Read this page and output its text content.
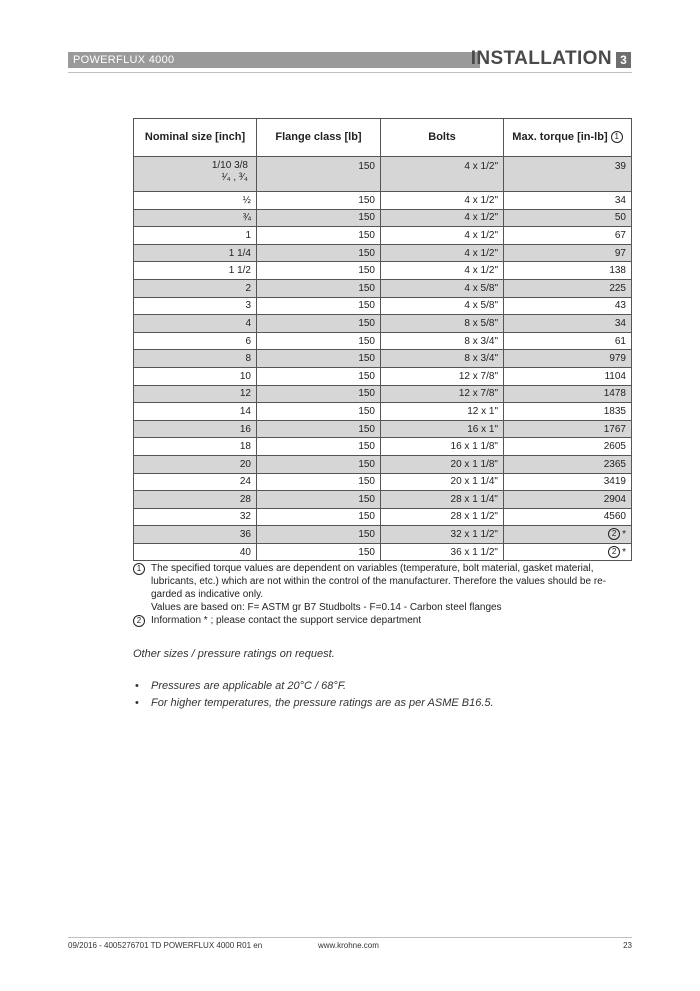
POWERFLUX 4000	INSTALLATION 3
Nominal size [inch]	Flange class [lb]	Bolts	Max. torque [in-lb] 1

1/10 3/8
¹⁄₄ , ³⁄₄	150	4 x 1/2"	39
½	150	4 x 1/2"	34
¾	150	4 x 1/2"	50
1	150	4 x 1/2"	67
1 1/4	150	4 x 1/2"	97
1 1/2	150	4 x 1/2"	138
2	150	4 x 5/8"	225
3	150	4 x 5/8"	43
4	150	8 x 5/8"	34
6	150	8 x 3/4"	61
8	150	8 x 3/4"	979
10	150	12 x 7/8"	1104
12	150	12 x 7/8"	1478
14	150	12 x 1"	1835
16	150	16 x 1"	1767
18	150	16 x 1 1/8"	2605
20	150	20 x 1 1/8"	2365
24	150	20 x 1 1/4"	3419
28	150	28 x 1 1/4"	2904
32	150	28 x 1 1/2"	4560
36	150	32 x 1 1/2"	2 *
40	150	36 x 1 1/2"	2 *
1 The specified torque values are dependent on variables (temperature, bolt material, gasket material, lubricants, etc.) which are not within the control of the manufacturer. Therefore the values should be re-garded as indicative only.
Values are based on: F= ASTM gr B7 Studbolts - F=0.14 - Carbon steel flanges
2 Information * ; please contact the support service department
Other sizes / pressure ratings on request.
• Pressures are applicable at 20°C / 68°F.
• For higher temperatures, the pressure ratings are as per ASME B16.5.
09/2016 - 4005276701 TD POWERFLUX 4000 R01 en	www.krohne.com	23
